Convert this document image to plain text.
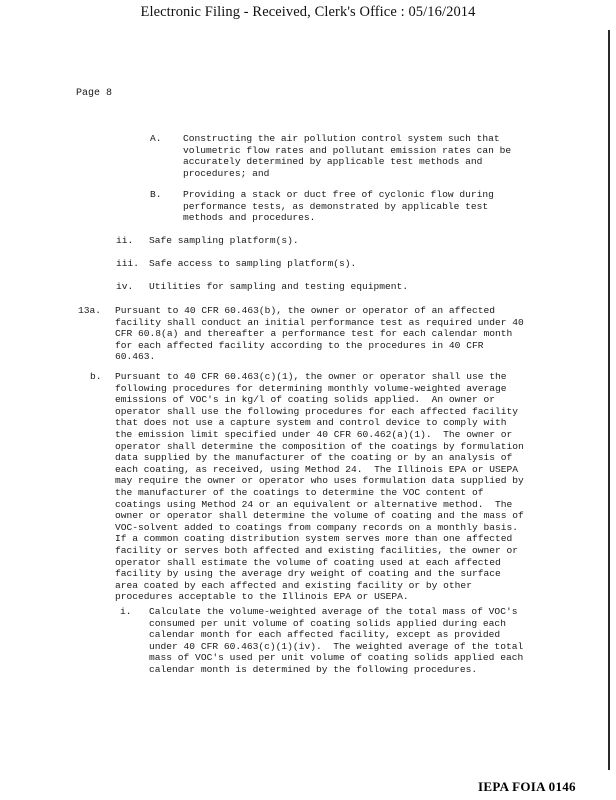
Electronic Filing - Received, Clerk's Office : 05/16/2014
Page 8
A. Constructing the air pollution control system such that
volumetric flow rates and pollutant emission rates can be
accurately determined by applicable test methods and
procedures; and
B. Providing a stack or duct free of cyclonic flow during
performance tests, as demonstrated by applicable test
methods and procedures.
ii. Safe sampling platform(s).
iii. Safe access to sampling platform(s).
iv. Utilities for sampling and testing equipment.
13a. Pursuant to 40 CFR 60.463(b), the owner or operator of an affected
facility shall conduct an initial performance test as required under 40
CFR 60.8(a) and thereafter a performance test for each calendar month
for each affected facility according to the procedures in 40 CFR
60.463.
b. Pursuant to 40 CFR 60.463(c)(1), the owner or operator shall use the
following procedures for determining monthly volume-weighted average
emissions of VOC's in kg/l of coating solids applied.  An owner or
operator shall use the following procedures for each affected facility
that does not use a capture system and control device to comply with
the emission limit specified under 40 CFR 60.462(a)(1).  The owner or
operator shall determine the composition of the coatings by formulation
data supplied by the manufacturer of the coating or by an analysis of
each coating, as received, using Method 24.  The Illinois EPA or USEPA
may require the owner or operator who uses formulation data supplied by
the manufacturer of the coatings to determine the VOC content of
coatings using Method 24 or an equivalent or alternative method.  The
owner or operator shall determine the volume of coating and the mass of
VOC-solvent added to coatings from company records on a monthly basis.
If a common coating distribution system serves more than one affected
facility or serves both affected and existing facilities, the owner or
operator shall estimate the volume of coating used at each affected
facility by using the average dry weight of coating and the surface
area coated by each affected and existing facility or by other
procedures acceptable to the Illinois EPA or USEPA.
i. Calculate the volume-weighted average of the total mass of VOC's
consumed per unit volume of coating solids applied during each
calendar month for each affected facility, except as provided
under 40 CFR 60.463(c)(1)(iv).  The weighted average of the total
mass of VOC's used per unit volume of coating solids applied each
calendar month is determined by the following procedures.
IEPA FOIA 0146
